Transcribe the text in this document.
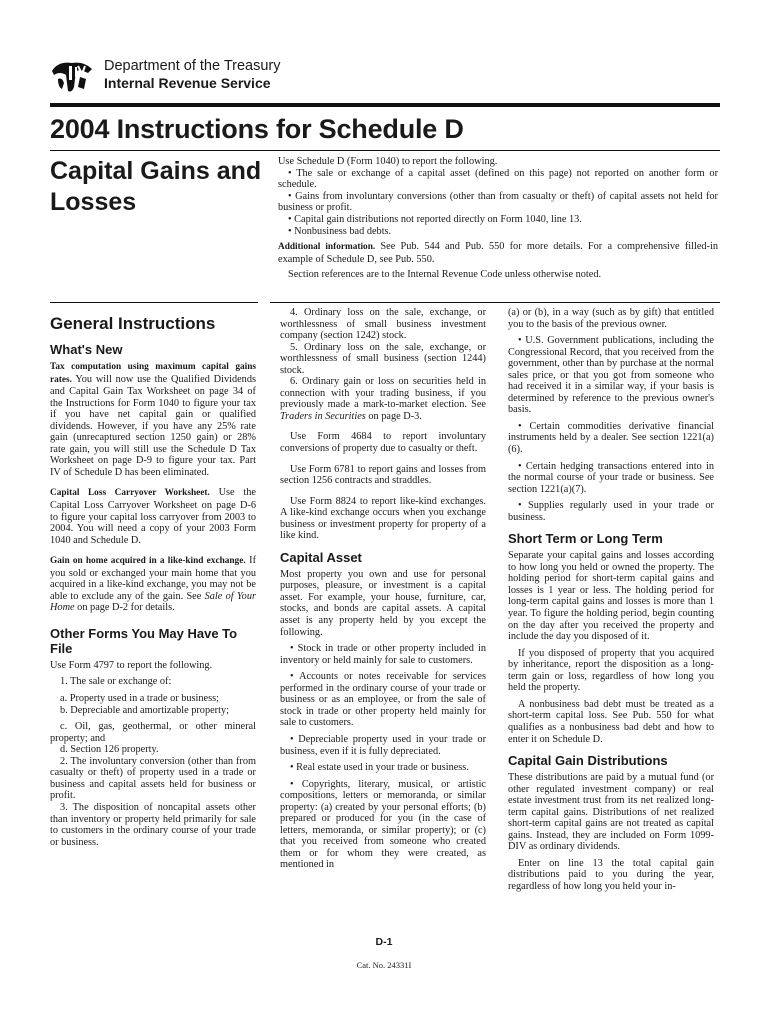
Department of the Treasury
Internal Revenue Service
2004 Instructions for Schedule D
Capital Gains and Losses

Use Schedule D (Form 1040) to report the following.

• The sale or exchange of a capital asset (defined on this page) not reported on another form or schedule.

• Gains from involuntary conversions (other than from casualty or theft) of capital assets not held for business or profit.

• Capital gain distributions not reported directly on Form 1040, line 13.

• Nonbusiness bad debts.

Additional information. See Pub. 544 and Pub. 550 for more details. For a comprehensive filled-in example of Schedule D, see Pub. 550.

Section references are to the Internal Revenue Code unless otherwise noted.

General Instructions
What's New

Tax computation using maximum capital gains rates. You will now use the Qualified Dividends and Capital Gain Tax Worksheet on page 34 of the Instructions for Form 1040 to figure your tax if you have net capital gain or qualified dividends. However, if you have any 25% rate gain (unrecaptured section 1250 gain) or 28% rate gain, you will still use the Schedule D Tax Worksheet on page D-9 to figure your tax. Part IV of Schedule D has been eliminated.

Capital Loss Carryover Worksheet. Use the Capital Loss Carryover Worksheet on page D-6 to figure your capital loss carryover from 2003 to 2004. You will need a copy of your 2003 Form 1040 and Schedule D.

Gain on home acquired in a like-kind exchange. If you sold or exchanged your main home that you acquired in a like-kind exchange, you may not be able to exclude any of the gain. See Sale of Your Home on page D-2 for details.

Other Forms You May Have To File

Use Form 4797 to report the following.

1. The sale or exchange of:

a. Property used in a trade or business;

b. Depreciable and amortizable property;

c. Oil, gas, geothermal, or other mineral property; and

d. Section 126 property.

2. The involuntary conversion (other than from casualty or theft) of property used in a trade or business and capital assets held for business or profit.

3. The disposition of noncapital assets other than inventory or property held primarily for sale to customers in the ordinary course of your trade or business.

4. Ordinary loss on the sale, exchange, or worthlessness of small business investment company (section 1242) stock.

5. Ordinary loss on the sale, exchange, or worthlessness of small business (section 1244) stock.

6. Ordinary gain or loss on securities held in connection with your trading business, if you previously made a mark-to-market election. See Traders in Securities on page D-3.

Use Form 4684 to report involuntary conversions of property due to casualty or theft.

Use Form 6781 to report gains and losses from section 1256 contracts and straddles.

Use Form 8824 to report like-kind exchanges. A like-kind exchange occurs when you exchange business or investment property for property of a like kind.

Capital Asset

Most property you own and use for personal purposes, pleasure, or investment is a capital asset. For example, your house, furniture, car, stocks, and bonds are capital assets. A capital asset is any property held by you except the following.

• Stock in trade or other property included in inventory or held mainly for sale to customers.

• Accounts or notes receivable for services performed in the ordinary course of your trade or business or as an employee, or from the sale of stock in trade or other property held mainly for sale to customers.

• Depreciable property used in your trade or business, even if it is fully depreciated.

• Real estate used in your trade or business.

• Copyrights, literary, musical, or artistic compositions, letters or memoranda, or similar property: (a) created by your personal efforts; (b) prepared or produced for you (in the case of letters, memoranda, or similar property); or (c) that you received from someone who created them or for whom they were created, as mentioned in

(a) or (b), in a way (such as by gift) that entitled you to the basis of the previous owner.

• U.S. Government publications, including the Congressional Record, that you received from the government, other than by purchase at the normal sales price, or that you got from someone who had received it in a similar way, if your basis is determined by reference to the previous owner's basis.

• Certain commodities derivative financial instruments held by a dealer. See section 1221(a)(6).

• Certain hedging transactions entered into in the normal course of your trade or business. See section 1221(a)(7).

• Supplies regularly used in your trade or business.

Short Term or Long Term

Separate your capital gains and losses according to how long you held or owned the property. The holding period for short-term capital gains and losses is 1 year or less. The holding period for long-term capital gains and losses is more than 1 year. To figure the holding period, begin counting on the day after you received the property and include the day you disposed of it.

If you disposed of property that you acquired by inheritance, report the disposition as a long-term gain or loss, regardless of how long you held the property.

A nonbusiness bad debt must be treated as a short-term capital loss. See Pub. 550 for what qualifies as a nonbusiness bad debt and how to enter it on Schedule D.

Capital Gain Distributions

These distributions are paid by a mutual fund (or other regulated investment company) or real estate investment trust from its net realized long-term capital gains. Distributions of net realized short-term capital gains are not treated as capital gains. Instead, they are included on Form 1099-DIV as ordinary dividends.

Enter on line 13 the total capital gain distributions paid to you during the year, regardless of how long you held your in-

D-1
Cat. No. 24331I
